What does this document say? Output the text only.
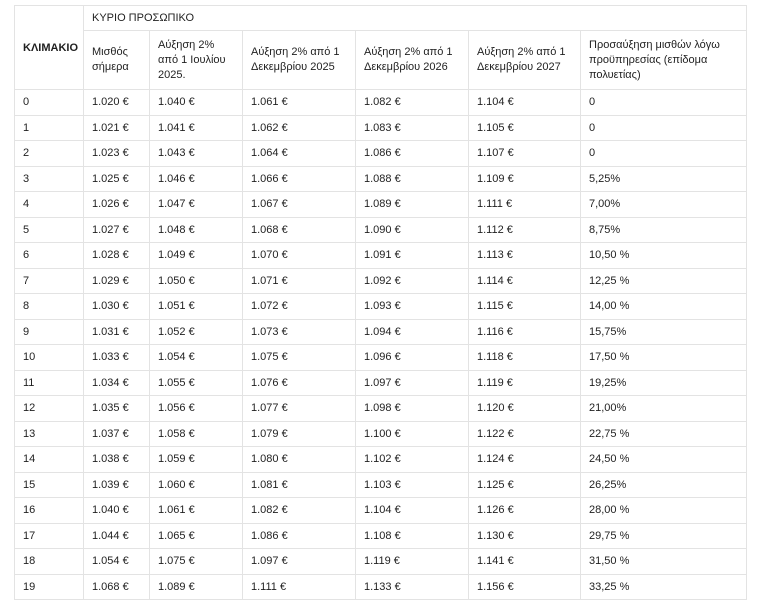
ΚΛΙΜΑΚΙΟ	ΚΥΡΙΟ ΠΡΟΣΩΠΙΚΟ					
	Μισθός σήμερα	Αύξηση 2% από 1 Ιουλίου 2025.	Αύξηση 2% από 1 Δεκεμβρίου 2025	Αύξηση 2% από 1 Δεκεμβρίου 2026	Αύξηση 2% από 1 Δεκεμβρίου 2027	Προσαύξηση μισθών λόγω προϋπηρεσίας (επίδομα πολυετίας)
0	1.020 €	1.040 €	1.061 €	1.082 €	1.104 €	0
1	1.021 €	1.041 €	1.062 €	1.083 €	1.105 €	0
2	1.023 €	1.043 €	1.064 €	1.086 €	1.107 €	0
3	1.025 €	1.046 €	1.066 €	1.088 €	1.109 €	5,25%
4	1.026 €	1.047 €	1.067 €	1.089 €	1.111 €	7,00%
5	1.027 €	1.048 €	1.068 €	1.090 €	1.112 €	8,75%
6	1.028 €	1.049 €	1.070 €	1.091 €	1.113 €	10,50 %
7	1.029 €	1.050 €	1.071 €	1.092 €	1.114 €	12,25 %
8	1.030 €	1.051 €	1.072 €	1.093 €	1.115 €	14,00 %
9	1.031 €	1.052 €	1.073 €	1.094 €	1.116 €	15,75%
10	1.033 €	1.054 €	1.075 €	1.096 €	1.118 €	17,50 %
11	1.034 €	1.055 €	1.076 €	1.097 €	1.119 €	19,25%
12	1.035 €	1.056 €	1.077 €	1.098 €	1.120 €	21,00%
13	1.037 €	1.058 €	1.079 €	1.100 €	1.122 €	22,75 %
14	1.038 €	1.059 €	1.080 €	1.102 €	1.124 €	24,50 %
15	1.039 €	1.060 €	1.081 €	1.103 €	1.125 €	26,25%
16	1.040 €	1.061 €	1.082 €	1.104 €	1.126 €	28,00 %
17	1.044 €	1.065 €	1.086 €	1.108 €	1.130 €	29,75 %
18	1.054 €	1.075 €	1.097 €	1.119 €	1.141 €	31,50 %
19	1.068 €	1.089 €	1.111 €	1.133 €	1.156 €	33,25 %
